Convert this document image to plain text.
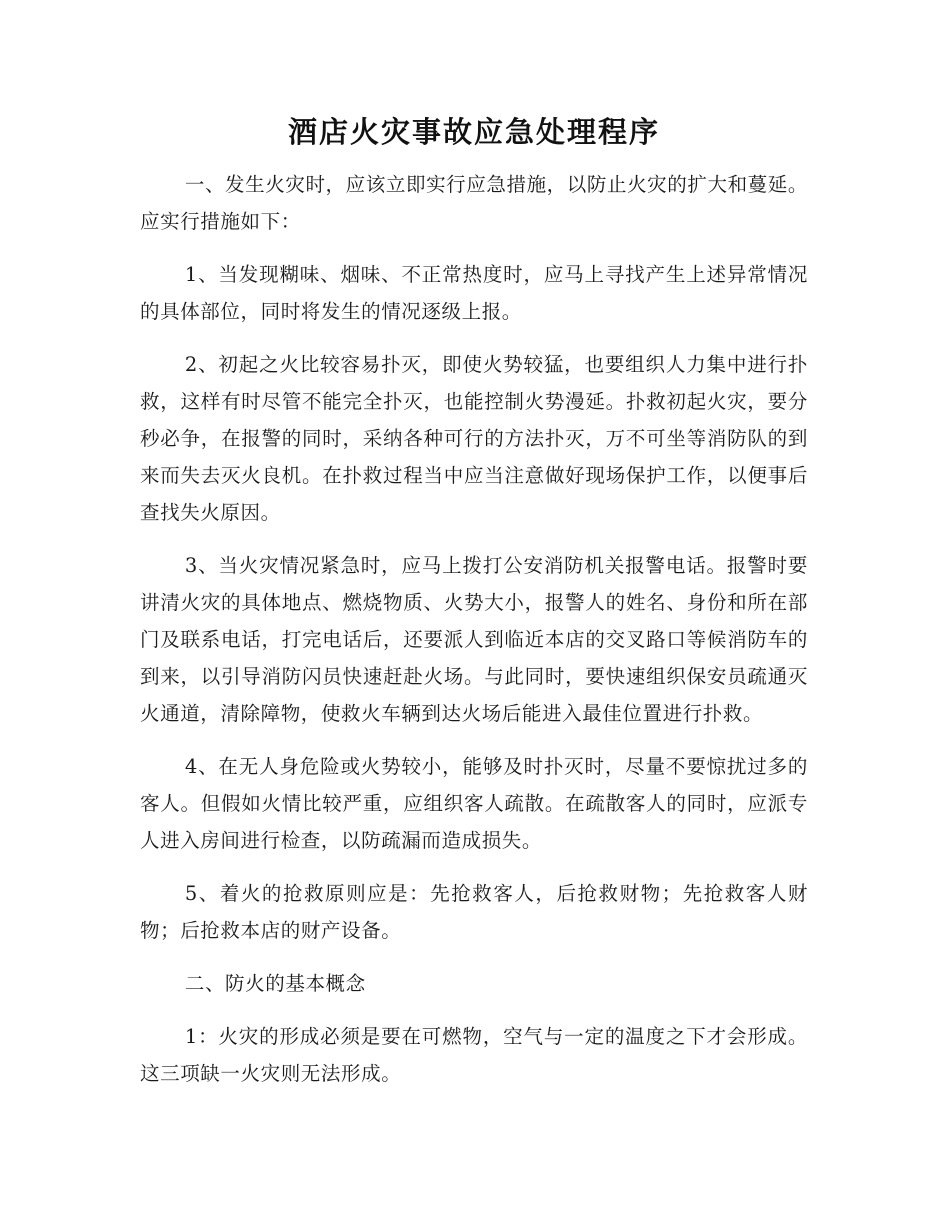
酒店火灾事故应急处理程序

一、发生火灾时，应该立即实行应急措施，以防止火灾的扩大和蔓延。应实行措施如下：

1、当发现糊味、烟味、不正常热度时，应马上寻找产生上述异常情况的具体部位，同时将发生的情况逐级上报。

2、初起之火比较容易扑灭，即使火势较猛，也要组织人力集中进行扑救，这样有时尽管不能完全扑灭，也能控制火势漫延。扑救初起火灾，要分秒必争，在报警的同时，采纳各种可行的方法扑灭，万不可坐等消防队的到来而失去灭火良机。在扑救过程当中应当注意做好现场保护工作，以便事后查找失火原因。

3、当火灾情况紧急时，应马上拨打公安消防机关报警电话。报警时要讲清火灾的具体地点、燃烧物质、火势大小，报警人的姓名、身份和所在部门及联系电话，打完电话后，还要派人到临近本店的交叉路口等候消防车的到来，以引导消防闪员快速赶赴火场。与此同时，要快速组织保安员疏通灭火通道，清除障物，使救火车辆到达火场后能进入最佳位置进行扑救。

4、在无人身危险或火势较小，能够及时扑灭时，尽量不要惊扰过多的客人。但假如火情比较严重，应组织客人疏散。在疏散客人的同时，应派专人进入房间进行检查，以防疏漏而造成损失。

5、着火的抢救原则应是：先抢救客人，后抢救财物；先抢救客人财物；后抢救本店的财产设备。

二、防火的基本概念

1：火灾的形成必须是要在可燃物，空气与一定的温度之下才会形成。这三项缺一火灾则无法形成。
